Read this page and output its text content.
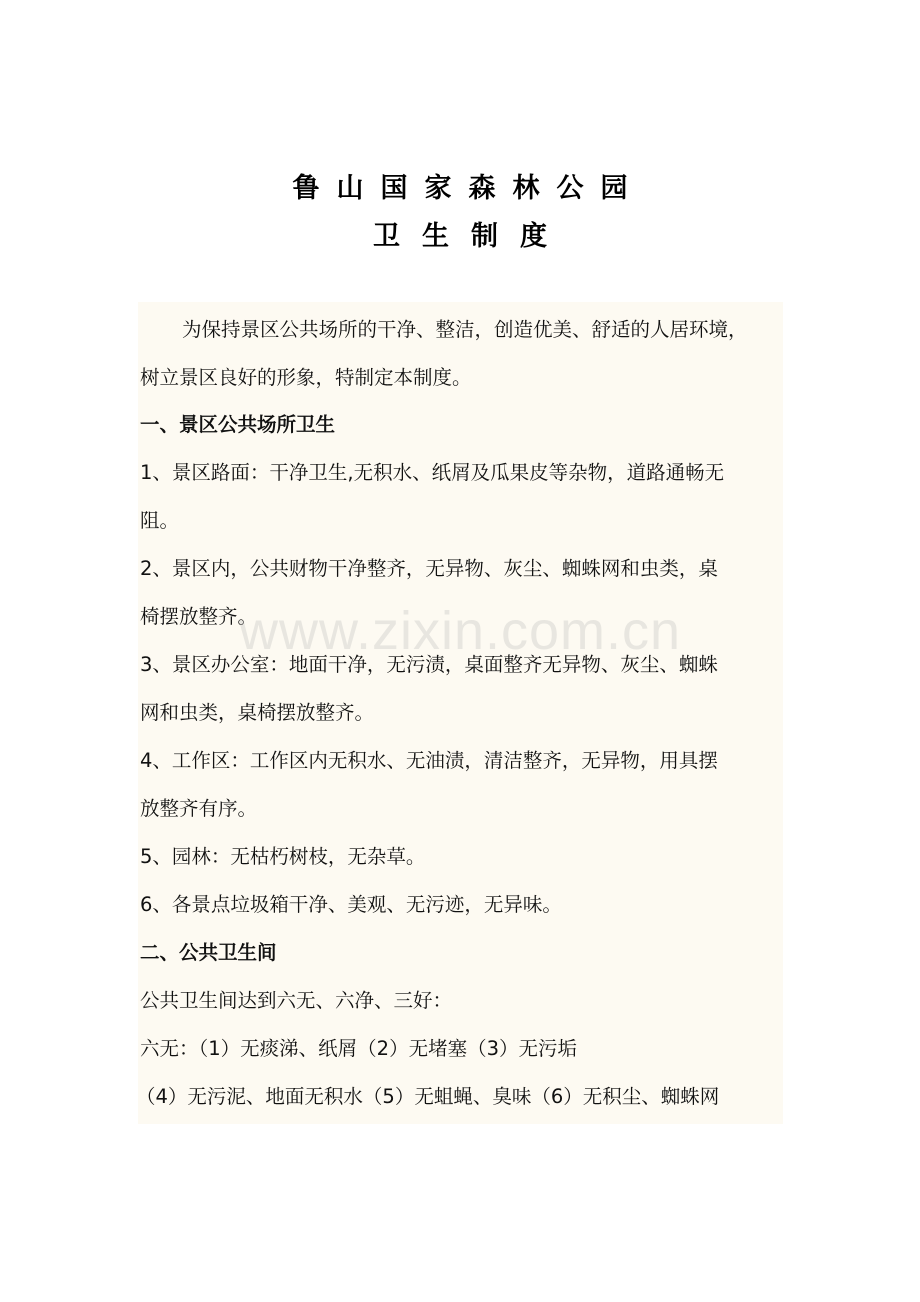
鲁山国家森林公园
卫生制度
为保持景区公共场所的干净、整洁，创造优美、舒适的人居环境，
树立景区良好的形象，特制定本制度。
一、景区公共场所卫生
1、景区路面：干净卫生,无积水、纸屑及瓜果皮等杂物，道路通畅无
阻。
2、景区内，公共财物干净整齐，无异物、灰尘、蜘蛛网和虫类，桌
椅摆放整齐。
3、景区办公室：地面干净，无污渍，桌面整齐无异物、灰尘、蜘蛛
网和虫类，桌椅摆放整齐。
4、工作区：工作区内无积水、无油渍，清洁整齐，无异物，用具摆
放整齐有序。
5、园林：无枯朽树枝，无杂草。
6、各景点垃圾箱干净、美观、无污迹，无异味。
二、公共卫生间
公共卫生间达到六无、六净、三好：
六无：（1）无痰涕、纸屑（2）无堵塞（3）无污垢
（4）无污泥、地面无积水（5）无蛆蝇、臭味（6）无积尘、蜘蛛网
www.zixin.com.cn
